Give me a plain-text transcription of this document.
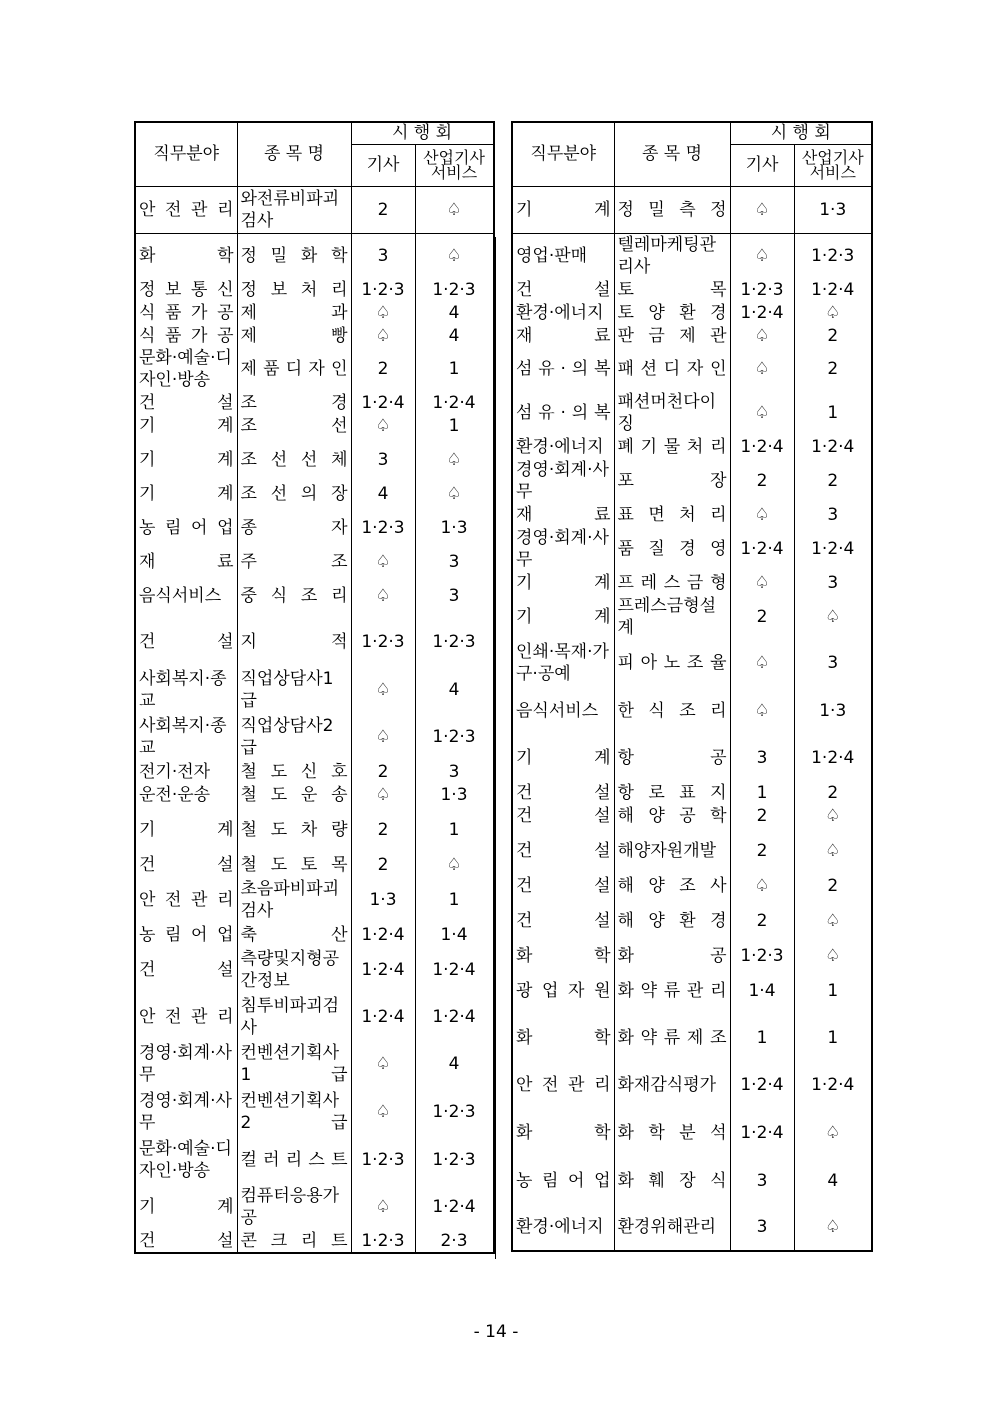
직무분야	종 목 명	시 행 회	
		기사	산업기사
서비스

안 전 관 리	와전류비파괴검사	2	♤
화 학	정 밀 화 학	3	♤
정 보 통 신	정 보 처 리	1·2·3	1·2·3
식 품 가 공	제 과	♤	4
식 품 가 공	제 빵	♤	4
문화·예술·디자인·방송	제 품 디 자 인	2	1
건 설	조 경	1·2·4	1·2·4
기 계	조 선	♤	1
기 계	조 선 선 체	3	♤
기 계	조 선 의 장	4	♤
농 림 어 업	종 자	1·2·3	1·3
재 료	주 조	♤	3
음식서비스	중 식 조 리	♤	3
건 설	지 적	1·2·3	1·2·3
사회복지·종 교	직업상담사1급	♤	4
사회복지·종 교	직업상담사2급	♤	1·2·3
전기·전자	철 도 신 호	2	3
운전·운송	철 도 운 송	♤	1·3
기 계	철 도 차 량	2	1
건 설	철 도 토 목	2	♤
안 전 관 리	초음파비파괴검사	1·3	1
농 림 어 업	축 산	1·2·4	1·4
건 설	측량및지형공간정보	1·2·4	1·2·4
안 전 관 리	침투비파괴검사	1·2·4	1·2·4
경영·회계·사 무	컨벤션기획사 1 급	♤	4
경영·회계·사 무	컨벤션기획사 2 급	♤	1·2·3
문화·예술·디자인·방송	컬 러 리 스 트	1·2·3	1·2·3
기 계	컴퓨터응용가공	♤	1·2·4
건 설	콘 크 리 트	1·2·3	2·3
직무분야	종 목 명	시 행 회	
		기사	산업기사
서비스

기 계	정 밀 측 정	♤	1·3
영업·판매	텔레마케팅관리사	♤	1·2·3
건 설	토 목	1·2·3	1·2·4
환경·에너지	토 양 환 경	1·2·4	♤
재 료	판 금 제 관	♤	2
섬 유 · 의 복	패 션 디 자 인	♤	2
섬 유 · 의 복	패션머천다이징	♤	1
환경·에너지	폐 기 물 처 리	1·2·4	1·2·4
경영·회계·사 무	포 장	2	2
재 료	표 면 처 리	♤	3
경영·회계·사 무	품 질 경 영	1·2·4	1·2·4
기 계	프 레 스 금 형	♤	3
기 계	프레스금형설 계	2	♤
인쇄·목재·가구·공예	피 아 노 조 율	♤	3
음식서비스	한 식 조 리	♤	1·3
기 계	항 공	3	1·2·4
건 설	항 로 표 지	1	2
건 설	해 양 공 학	2	♤
건 설	해양자원개발	2	♤
건 설	해 양 조 사	♤	2
건 설	해 양 환 경	2	♤
화 학	화 공	1·2·3	♤
광 업 자 원	화 약 류 관 리	1·4	1
화 학	화 약 류 제 조	1	1
안 전 관 리	화재감식평가	1·2·4	1·2·4
화 학	화 학 분 석	1·2·4	♤
농 림 어 업	화 훼 장 식	3	4
환경·에너지	환경위해관리	3	♤
- 14 -
